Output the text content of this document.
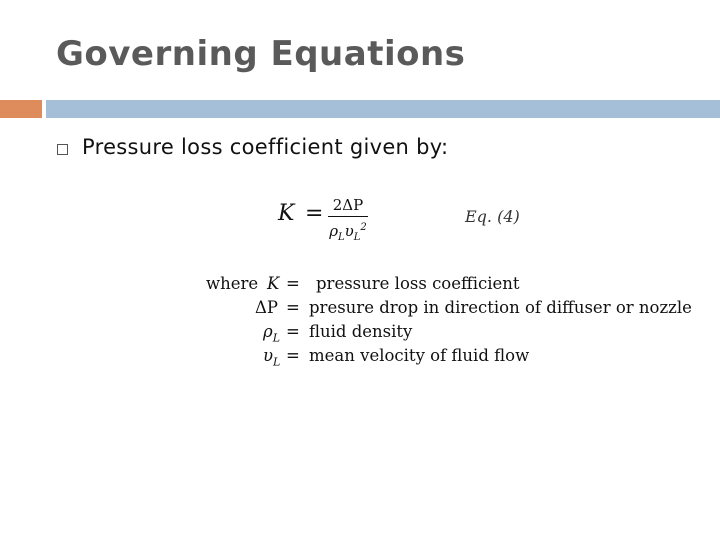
Governing Equations
Pressure loss coefficient given by:
K = 2ΔP
$\rho_L\upsilon_L^2$
Eq. (4)
where K = pressure loss coefficient
ΔP = presure drop in direction of diffuser or nozzle
$\rho_L$ = fluid density
$\upsilon_L$ = mean velocity of fluid flow
